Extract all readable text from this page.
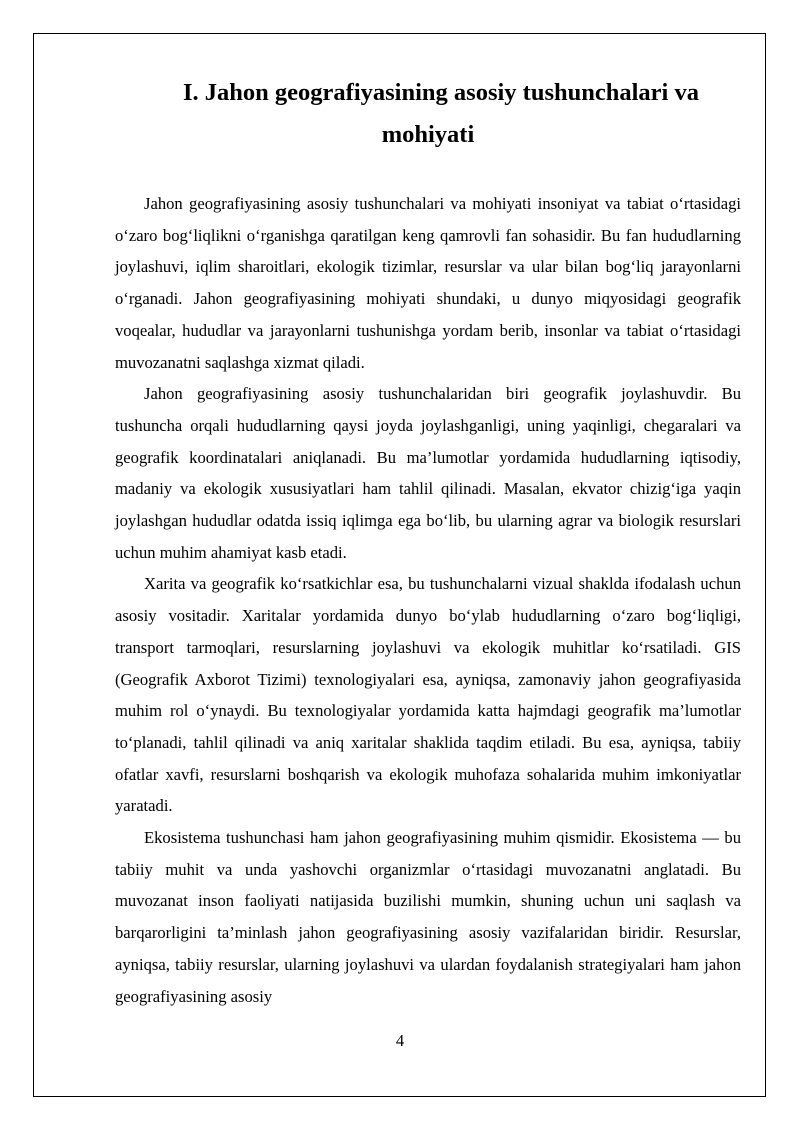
I. Jahon geografiyasining asosiy tushunchalari va
mohiyati

Jahon geografiyasining asosiy tushunchalari va mohiyati insoniyat va tabiat o‘rtasidagi o‘zaro bog‘liqlikni o‘rganishga qaratilgan keng qamrovli fan sohasidir. Bu fan hududlarning joylashuvi, iqlim sharoitlari, ekologik tizimlar, resurslar va ular bilan bog‘liq jarayonlarni o‘rganadi. Jahon geografiyasining mohiyati shundaki, u dunyo miqyosidagi geografik voqealar, hududlar va jarayonlarni tushunishga yordam berib, insonlar va tabiat o‘rtasidagi muvozanatni saqlashga xizmat qiladi.

Jahon geografiyasining asosiy tushunchalaridan biri geografik joylashuvdir. Bu tushuncha orqali hududlarning qaysi joyda joylashganligi, uning yaqinligi, chegaralari va geografik koordinatalari aniqlanadi. Bu ma’lumotlar yordamida hududlarning iqtisodiy, madaniy va ekologik xususiyatlari ham tahlil qilinadi. Masalan, ekvator chizig‘iga yaqin joylashgan hududlar odatda issiq iqlimga ega bo‘lib, bu ularning agrar va biologik resurslari uchun muhim ahamiyat kasb etadi.

Xarita va geografik ko‘rsatkichlar esa, bu tushunchalarni vizual shaklda ifodalash uchun asosiy vositadir. Xaritalar yordamida dunyo bo‘ylab hududlarning o‘zaro bog‘liqligi, transport tarmoqlari, resurslarning joylashuvi va ekologik muhitlar ko‘rsatiladi. GIS (Geografik Axborot Tizimi) texnologiyalari esa, ayniqsa, zamonaviy jahon geografiyasida muhim rol o‘ynaydi. Bu texnologiyalar yordamida katta hajmdagi geografik ma’lumotlar to‘planadi, tahlil qilinadi va aniq xaritalar shaklida taqdim etiladi. Bu esa, ayniqsa, tabiiy ofatlar xavfi, resurslarni boshqarish va ekologik muhofaza sohalarida muhim imkoniyatlar yaratadi.

Ekosistema tushunchasi ham jahon geografiyasining muhim qismidir. Ekosistema — bu tabiiy muhit va unda yashovchi organizmlar o‘rtasidagi muvozanatni anglatadi. Bu muvozanat inson faoliyati natijasida buzilishi mumkin, shuning uchun uni saqlash va barqarorligini ta’minlash jahon geografiyasining asosiy vazifalaridan biridir. Resurslar, ayniqsa, tabiiy resurslar, ularning joylashuvi va ulardan foydalanish strategiyalari ham jahon geografiyasining asosiy

4
